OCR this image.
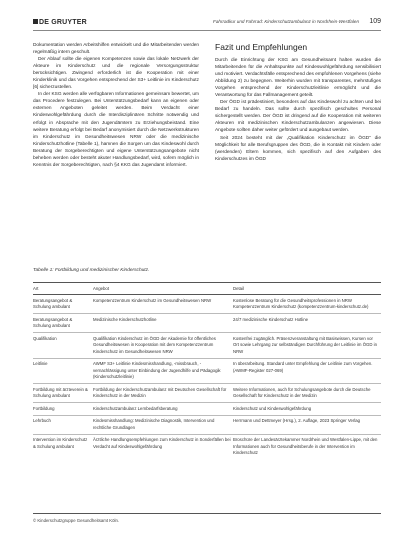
DE GRUYTER	Fahrradkur und Fahrrad: Kinderschutzambulanz in Nordrhein-Westfalen 109

Dokumentation werden Arbeitshilfen entwickelt und die Mitarbeitenden werden regelmäßig intern geschult.

Der Ablauf sollte die eigenen Kompetenzen sowie das lokale Netzwerk der Akteure im Kinderschutz und die regionale Versorgungsstruktur berücksichtigen. Zwingend erforderlich ist die Kooperation mit einer Kinderklinik und das Vorgehen entsprechend der S3+ Leitlinie im Kinderschutz [6] sicherzustellen.

In der KSG werden alle verfügbaren Informationen gemeinsam bewertet, um das Procedere festzulegen. Bei Unterstützungsbedarf kann an eigenen oder externen Angeboten geleitet werden. Beim Verdacht einer Kindeswohlgefährdung durch die Interdisziplinären Schritte notwendig und erfolgt in Absprache mit den Jugendämtern zu Erziehungsbeistand. Eine weitere Beratung erfolgt bei Bedarf anonymisiert durch die Netzwerkstrukturen im Kinderschutz im Gesundheitswesen NRW oder die medizinische Kinderschutzhotline (Tabelle 1), hamnen die Sorgen um das Kindeswohl durch Beratung der Sorgeberechtigten und eigene Unterstützungsangebote nicht beheben werden oder besteht akuter Handlungsbedarf, wird, sofern möglich in Kenntnis der Sorgeberechtigten, nach §4 KKG das Jugendamt informiert.

Fazit und Empfehlungen

Durch die Einrichtung der KSG am Gesundheitsamt halten wurden die Mitarbeitenden für die Anhaltspunkte auf Kindeswohlgefährdung sensibilisiert und motiviert. Verdachtsfälle entsprechend des empfohlenen Vorgehens (siehe Abbildung 2) zu begegnen. Weiterhin wurden mit transparentes, mehrstufiges Vorgehen entsprechend der Kinderschutzleitlinie ermöglicht und die Verantwortung für das Fallmanagement geteilt.

Der ÖGD ist prädestiniert, besonders auf das Kindeswohl zu achten und bei Bedarf zu handeln. Das sollte durch spezifisch geschultes Personal sichergestellt werden. Der ÖGD ist dringend auf die Kooperation mit weiteren Akteuren mit medizinischen Kinderschutzambulanzen angewiesen. Diese Angebote sollten daher weiter gefördert und ausgebaut werden.

Seit 2024 besteht mit der „Qualifikation Kinderschutz im ÖGD“ die Möglichkeit für alle Berufsgruppen des ÖGD, die in Kontakt mit Kindern oder (werdenden) Eltern kommen, sich spezifisch auf den Aufgaben des Kinderschutzes im ÖGD

Tabelle 1: Fortbildung und medizinischer Kinderschutz.
Art	Angebot	Detail
Beratungsangebot & Schulung ambulant	Kompetenzzentrum Kinderschutz im Gesundheitswesen NRW	Kostenlose Beratung für die Gesundheitsprofessionen in NRW Kompetenzzentrum Kinderschutz (kompetenzzentrum-kinderschutz.de)
Beratungsangebot & Schulung ambulant	Medizinische Kinderschutzhotline	24/7 medizinische Kinderschutz Hotline
Qualifikation	Qualifikation Kinderschutz im ÖGD der Akademie für öffentliches Gesundheitswesen in Kooperation mit dem Kompetenzzentrum Kinderschutz im Gesundheitswesen NRW	Kostenfrei zugänglich. Präsenzveranstaltung mit Basiswissen, Kursen vor Ort sowie Lehrgang zur selbständigen Durchführung der Leitlinie im ÖGD in NRW
Leitlinie	AWMF S3+ Leitlinie Kindesmisshandlung, -missbrauch, -vernachlässigung unter Einbindung der Jugendhilfe und Pädagogik (Kinderschutzleitlinie)	In überarbeitung. Standard unter Empfehlung der Leitlinie zum Vorgehen. (AWMF-Register 027-069)
Fortbildung mit ärzteverein & Schulung ambulant	Fortbildung der Kinderschutzambulanz mit Deutschen Gesellschaft für Kinderschutz in der Medizin	Weitere Informationen, auch für Schulungsangebote durch die Deutsche Gesellschaft für Kinderschutz in der Medizin
Fortbildung	Kinderschutzambulanz Lernbedarfsberatung	Kinderschutz und Kindeswohlgefährdung
Lehrbuch	Kindesmisshandlung: Medizinische Diagnostik, Intervention und rechtliche Grundlagen	Herrmann und Dettmeyer (Hrsg.), 2. Auflage, 2023 Springer Verlag
Intervention im Kinderschutz & Schulung ambulant	Ärztliche Handlungsempfehlungen zum Kinderschutz in Sonderfällen bei Verdacht auf Kindeswohlgefährdung	Broschüre der Landesärztekammer Nordrhein und Westfalen-Lippe, mit den Informationen auch für Gesundheitsberufe in der Intervention im Kinderschutz
© Kinderschutzgruppe Gesundheitsamt Köln.
